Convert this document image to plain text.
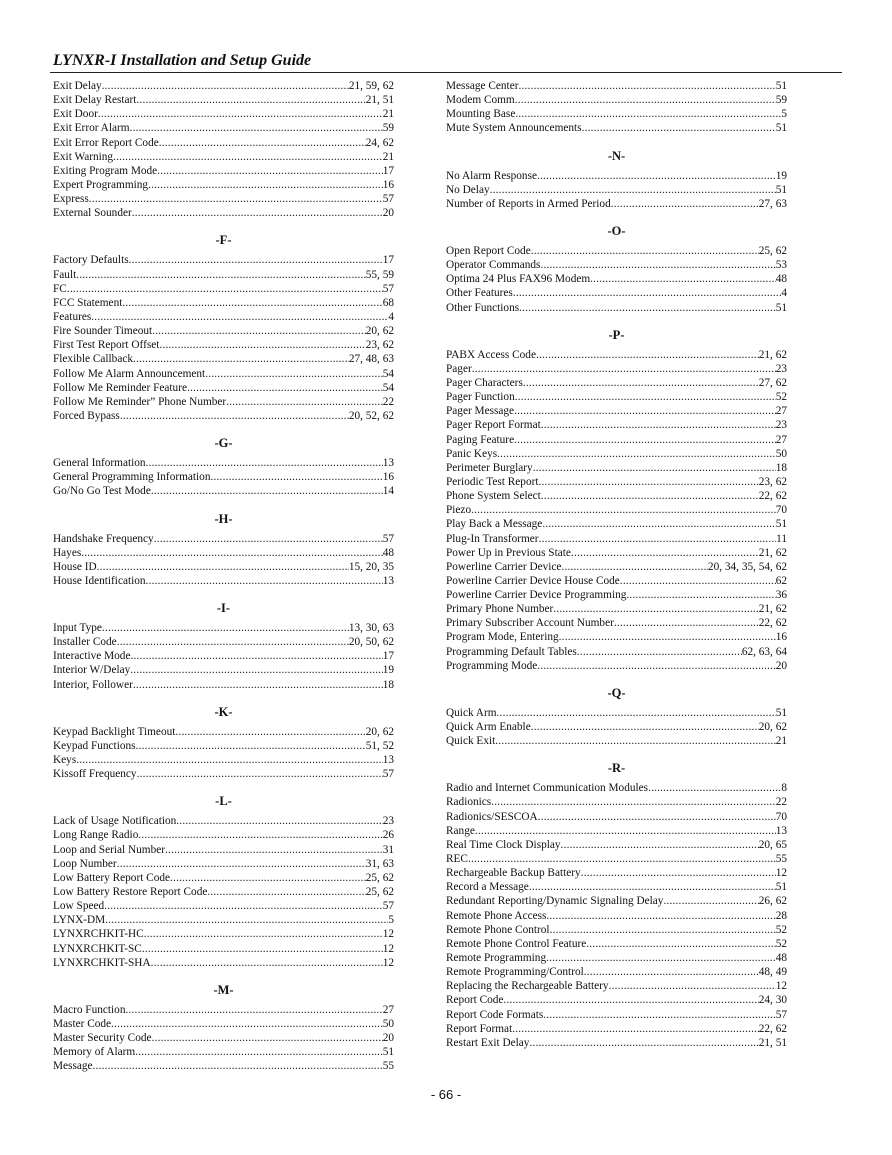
LYNXR-I Installation and Setup Guide
Exit Delay .....	21, 59, 62
Exit Delay Restart .....	21, 51
Exit Door .....	21
Exit Error Alarm .....	59
Exit Error Report Code .....	24, 62
Exit Warning .....	21
Exiting Program Mode .....	17
Expert Programming .....	16
Express .....	57
External Sounder .....	20
-F-
Factory Defaults .....	17
Fault .....	55, 59
FC .....	57
FCC Statement .....	68
Features .....	4
Fire Sounder Timeout .....	20, 62
First Test Report Offset .....	23, 62
Flexible Callback .....	27, 48, 63
Follow Me Alarm Announcement .....	54
Follow Me Reminder Feature .....	54
Follow Me Reminder” Phone Number .....	22
Forced Bypass .....	20, 52, 62
-G-
General Information .....	13
General Programming Information .....	16
Go/No Go Test Mode .....	14
-H-
Handshake Frequency .....	57
Hayes .....	48
House ID .....	15, 20, 35
House Identification .....	13
-I-
Input Type .....	13, 30, 63
Installer Code .....	20, 50, 62
Interactive Mode .....	17
Interior W/Delay .....	19
Interior, Follower .....	18
-K-
Keypad Backlight Timeout .....	20, 62
Keypad Functions .....	51, 52
Keys .....	13
Kissoff Frequency .....	57
-L-
Lack of Usage Notification .....	23
Long Range Radio .....	26
Loop and Serial Number .....	31
Loop Number .....	31, 63
Low Battery Report Code .....	25, 62
Low Battery Restore Report Code .....	25, 62
Low Speed .....	57
LYNX-DM .....	5
LYNXRCHKIT-HC .....	12
LYNXRCHKIT-SC .....	12
LYNXRCHKIT-SHA .....	12
-M-
Macro Function .....	27
Master Code .....	50
Master Security Code .....	20
Memory of Alarm .....	51
Message .....	55
Message Center .....	51
Modem Comm .....	59
Mounting Base .....	5
Mute System Announcements .....	51
-N-
No Alarm Response .....	19
No Delay .....	51
Number of Reports in Armed Period .....	27, 63
-O-
Open Report Code .....	25, 62
Operator Commands .....	53
Optima 24 Plus FAX96 Modem .....	48
Other Features .....	4
Other Functions .....	51
-P-
PABX Access Code .....	21, 62
Pager .....	23
Pager Characters .....	27, 62
Pager Function .....	52
Pager Message .....	27
Pager Report Format .....	23
Paging Feature .....	27
Panic Keys .....	50
Perimeter Burglary .....	18
Periodic Test Report .....	23, 62
Phone System Select .....	22, 62
Piezo .....	70
Play Back a Message .....	51
Plug-In Transformer .....	11
Power Up in Previous State .....	21, 62
Powerline Carrier Device .....	20, 34, 35, 54, 62
Powerline Carrier Device House Code .....	62
Powerline Carrier Device Programming .....	36
Primary Phone Number .....	21, 62
Primary Subscriber Account Number .....	22, 62
Program Mode, Entering .....	16
Programming Default Tables .....	62, 63, 64
Programming Mode .....	20
-Q-
Quick Arm .....	51
Quick Arm Enable .....	20, 62
Quick Exit .....	21
-R-
Radio and Internet Communication Modules .....	8
Radionics .....	22
Radionics/SESCOA .....	70
Range .....	13
Real Time Clock Display .....	20, 65
REC .....	55
Rechargeable Backup Battery .....	12
Record a Message .....	51
Redundant Reporting/Dynamic Signaling Delay .....	26, 62
Remote Phone Access .....	28
Remote Phone Control .....	52
Remote Phone Control Feature .....	52
Remote Programming .....	48
Remote Programming/Control .....	48, 49
Replacing the Rechargeable Battery .....	12
Report Code .....	24, 30
Report Code Formats .....	57
Report Format .....	22, 62
Restart Exit Delay .....	21, 51
- 66 -
